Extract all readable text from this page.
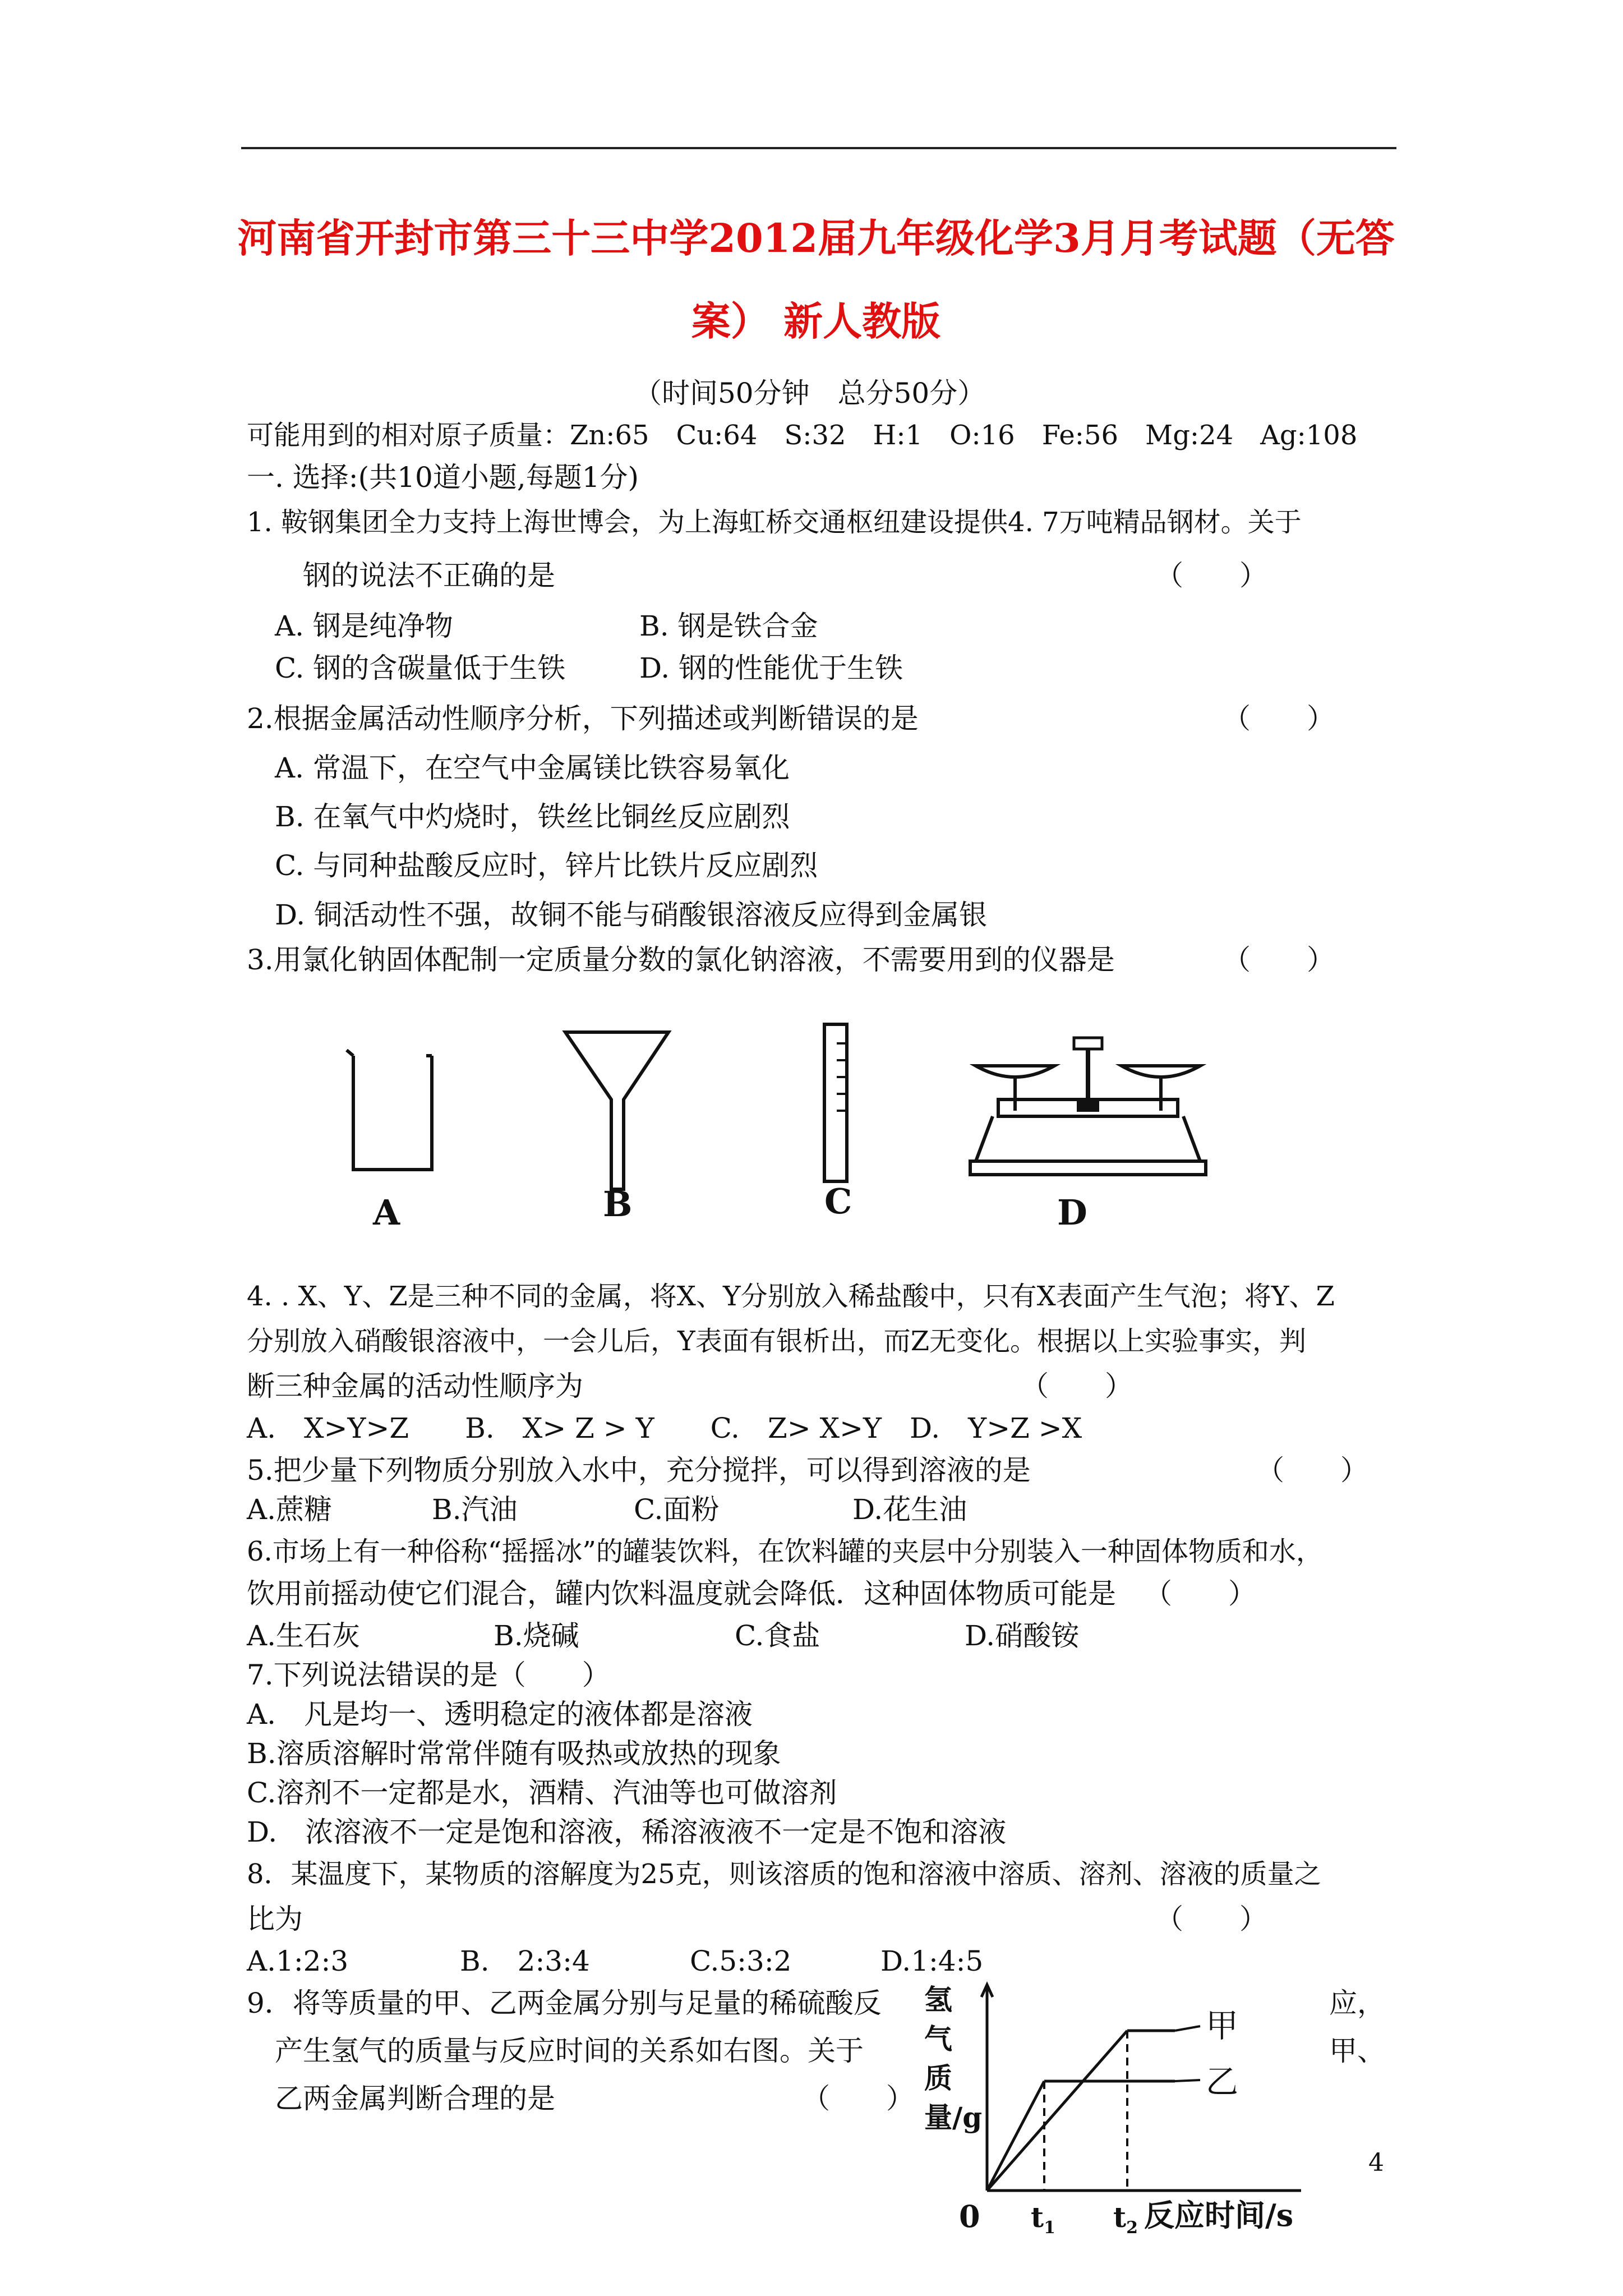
河南省开封市第三十三中学2012届九年级化学3月月考试题（无答
案） 新人教版
（时间50分钟　总分50分）
可能用到的相对原子质量：Zn:65　Cu:64　S:32　H:1　O:16　Fe:56　Mg:24　Ag:108
一. 选择:(共10道小题,每题1分)
1. 鞍钢集团全力支持上海世博会，为上海虹桥交通枢纽建设提供4. 7万吨精品钢材。关于
钢的说法不正确的是	（　　）
A. 钢是纯净物	B. 钢是铁合金
C. 钢的含碳量低于生铁	D. 钢的性能优于生铁
2.根据金属活动性顺序分析，下列描述或判断错误的是	（　　）
A. 常温下，在空气中金属镁比铁容易氧化
B. 在氧气中灼烧时，铁丝比铜丝反应剧烈
C. 与同种盐酸反应时，锌片比铁片反应剧烈
D. 铜活动性不强，故铜不能与硝酸银溶液反应得到金属银
3.用氯化钠固体配制一定质量分数的氯化钠溶液，不需要用到的仪器是	（　　）
A	B	C	D
4. . X、Y、Z是三种不同的金属，将X、Y分别放入稀盐酸中，只有X表面产生气泡；将Y、Z
分别放入硝酸银溶液中，一会儿后，Y表面有银析出，而Z无变化。根据以上实验事实，判
断三种金属的活动性顺序为	（　　）
A.　X>Y>Z　　B.　X> Z > Y　　C.　Z> X>Y　D.　Y>Z >X
5.把少量下列物质分别放入水中，充分搅拌，可以得到溶液的是	（　　）
A.蔗糖	B.汽油	C.面粉	D.花生油
6.市场上有一种俗称“摇摇冰”的罐装饮料，在饮料罐的夹层中分别装入一种固体物质和水，
饮用前摇动使它们混合，罐内饮料温度就会降低．这种固体物质可能是 （　　）
A.生石灰	B.烧碱	C.食盐	D.硝酸铵
7.下列说法错误的是（　　）
A.　凡是均一、透明稳定的液体都是溶液
B.溶质溶解时常常伴随有吸热或放热的现象
C.溶剂不一定都是水，酒精、汽油等也可做溶剂
D.　浓溶液不一定是饱和溶液，稀溶液液不一定是不饱和溶液
8．某温度下，某物质的溶解度为25克，则该溶质的饱和溶液中溶质、溶剂、溶液的质量之
比为	（　　）
A.1:2:3	B.　2:3:4	C.5:3:2	D.1:4:5
9．将等质量的甲、乙两金属分别与足量的稀硫酸反	应，
产生氢气的质量与反应时间的关系如右图。关于	甲、
乙两金属判断合理的是	（　　）
氢气质量/g
甲
乙
0 $t_1$ $t_2$ 反应时间/s
4
